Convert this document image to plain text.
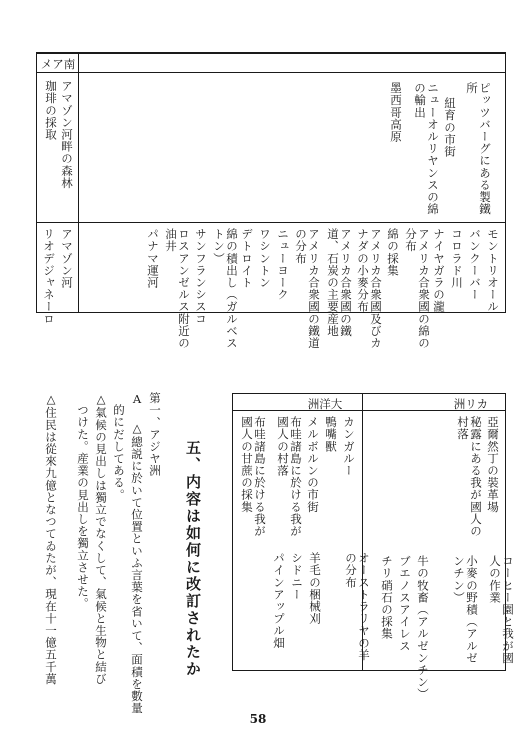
メア南
アマゾン河畔の森林
珈琲の採取	ピッツバーグにある製鐵所
紐育の市街
ニューオルリヤンスの綿の輸出
墨西哥高原
モントリオール
バンクーバー
コロラド川
ナイヤガラの瀧
アメリカ合衆國の綿の分布
綿の採集
アメリカ合衆國及びカナダの小麥分布
アメリカ合衆國の鐵道、石炭の主要産地
アメリカ合衆國の鐵道の分布
ニューヨーク
ワシントン
デトロイト
綿の積出し（ガルベストン）
サンフランシスコ
ロスアンゼルス附近の油井
パナマ運河
アマゾン河
リオデジャネーロ
洲リカ
洲洋大
亞爾然丁の裝革場
秘露にある我が國人の村落
コーヒー園と我が國人の作業
小麥の野積（アルゼンチン）
牛の牧畜（アルゼンチン）
ブエノスアイレス
チリ硝石の採集
カンガルー
鴨嘴獸
メルボルンの市街
布哇諸島に於ける我が國人の村落
布哇諸島に於ける我が國人の甘蔗の採集
オーストラリヤの羊の分布
羊毛の梱械刈
シドニー
パインアップル畑
五、内容は如何に改訂されたか
第一、アジヤ洲
A △總説に於いて位置といふ言葉を省いて、面積を數量
的にだしてある。
△氣候の見出しは獨立でなくして、氣候と生物と結び
つけた。産業の見出しを獨立させた。
△住民は從來九億となつてゐたが、現在十一億五千萬
58
